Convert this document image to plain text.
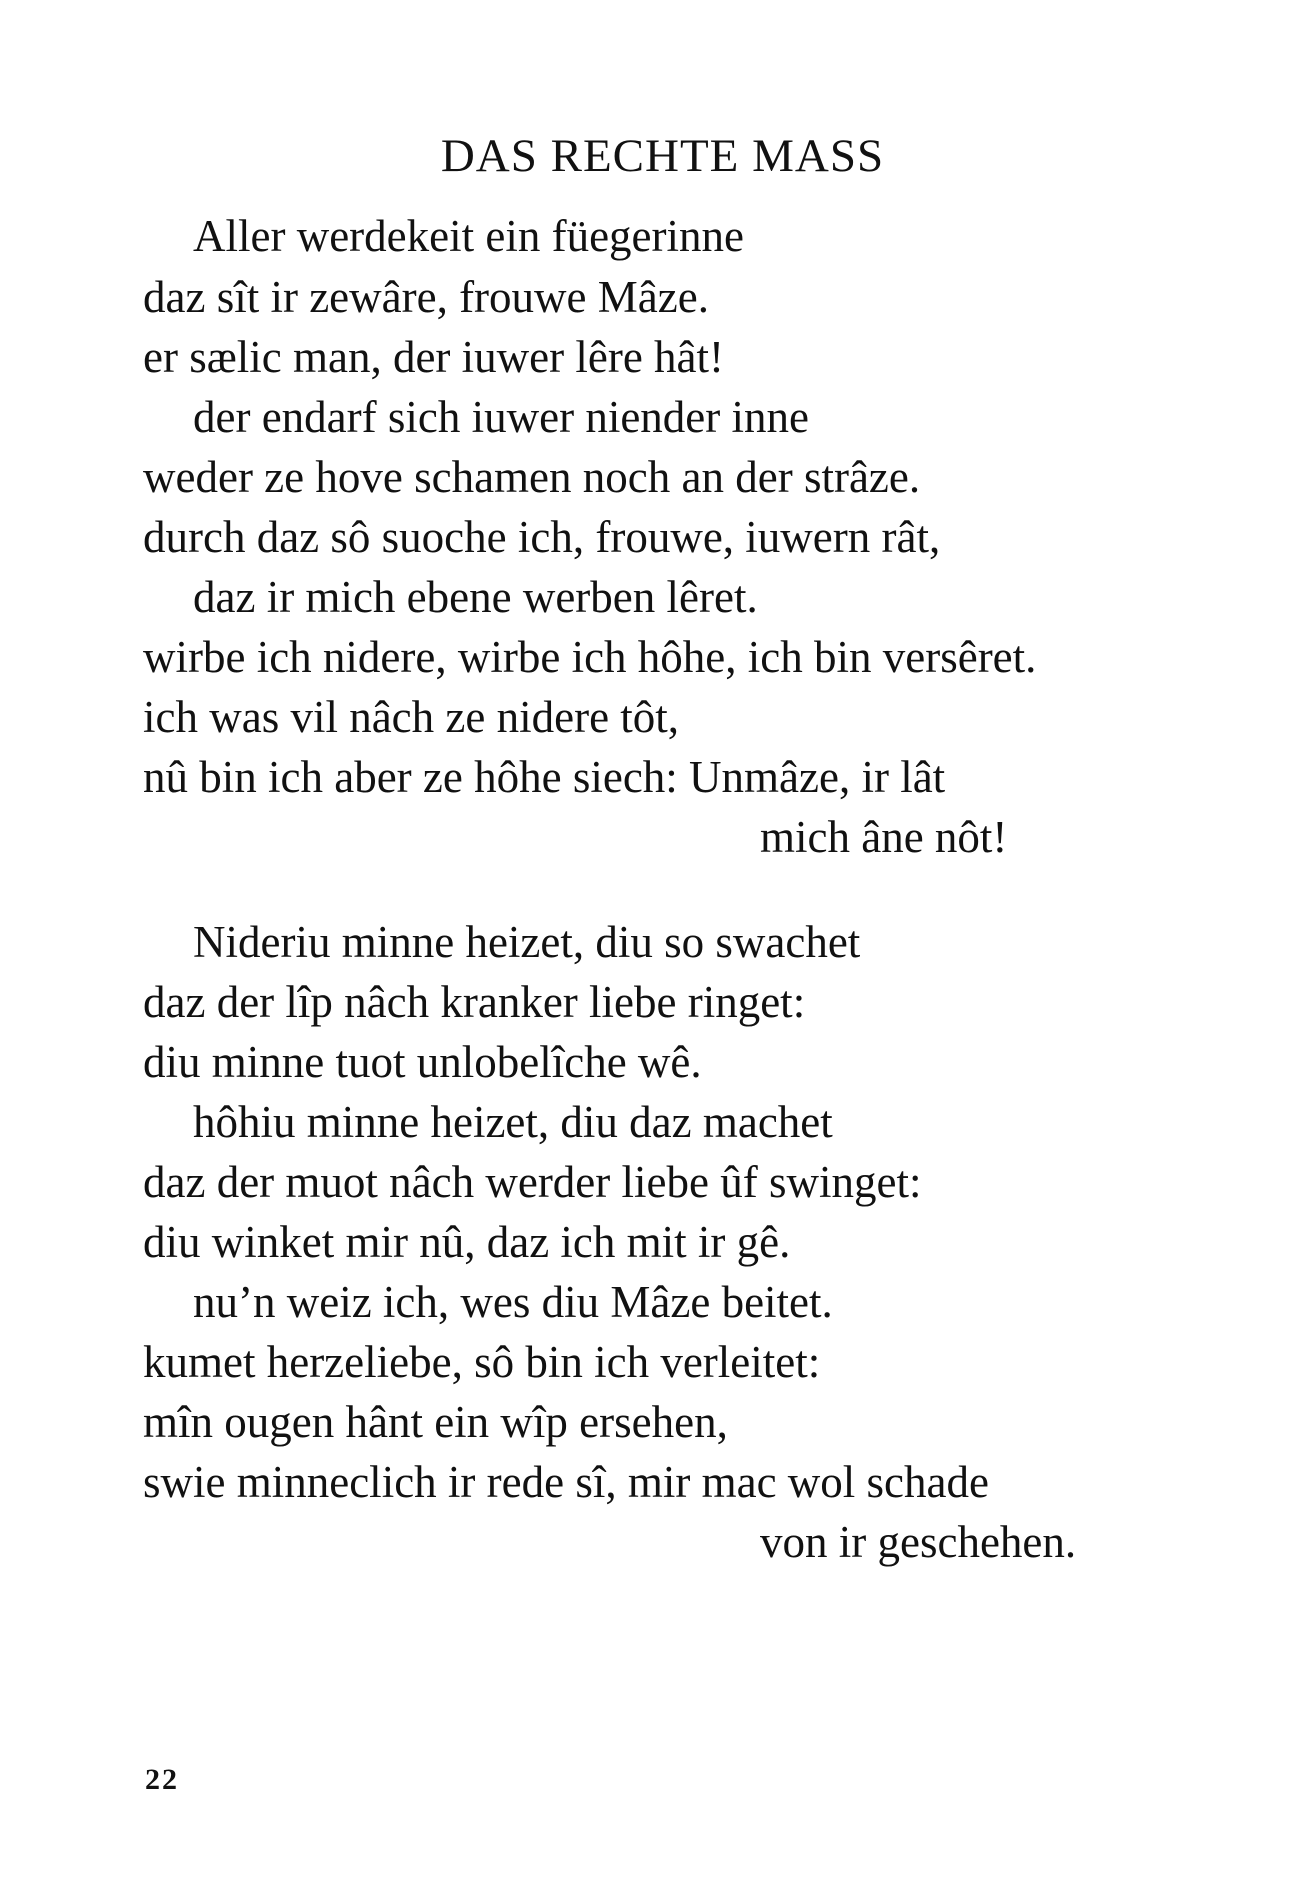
DAS RECHTE MASS
Aller werdekeit ein füegerinne
daz sît ir zewâre, frouwe Mâze.
er sælic man, der iuwer lêre hât!
der endarf sich iuwer niender inne
weder ze hove schamen noch an der strâze.
durch daz sô suoche ich, frouwe, iuwern rât,
daz ir mich ebene werben lêret.
wirbe ich nidere, wirbe ich hôhe, ich bin versêret.
ich was vil nâch ze nidere tôt,
nû bin ich aber ze hôhe siech: Unmâze, ir lât
mich âne nôt!
Nideriu minne heizet, diu so swachet
daz der lîp nâch kranker liebe ringet:
diu minne tuot unlobelîche wê.
hôhiu minne heizet, diu daz machet
daz der muot nâch werder liebe ûf swinget:
diu winket mir nû, daz ich mit ir gê.
nu’n weiz ich, wes diu Mâze beitet.
kumet herzeliebe, sô bin ich verleitet:
mîn ougen hânt ein wîp ersehen,
swie minneclich ir rede sî, mir mac wol schade
von ir geschehen.
22
